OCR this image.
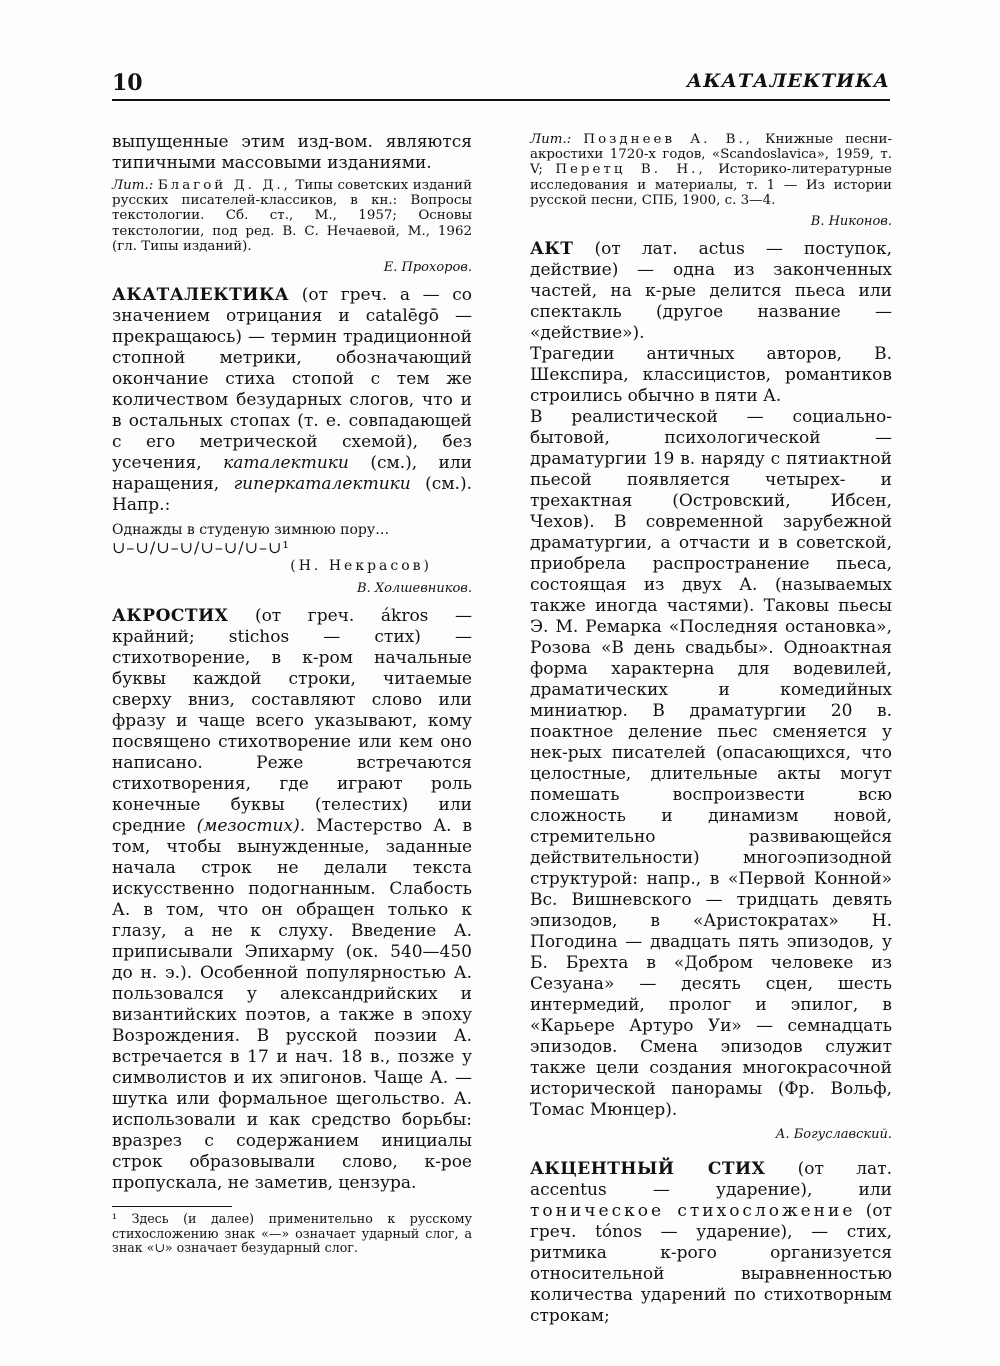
10	АКАТАЛЕКТИКА

выпущенные этим изд-вом. являются типичными массовыми изданиями.

Лит.: Благой Д. Д., Типы советских изданий русских писателей-классиков, в кн.: Вопросы текстологии. Сб. ст., М., 1957; Основы текстологии, под ред. В. С. Нечаевой, М., 1962 (гл. Типы изданий).

Е. Прохоров.

АКАТАЛЕКТИКА (от греч. a — со значением отрицания и catalēgō — прекращаюсь) — термин традиционной стопной метрики, обозначающий окончание стиха стопой с тем же количеством безударных слогов, что и в остальных стопах (т. е. совпадающей с его метрической схемой), без усечения, каталектики (см.), или наращения, гиперкаталектики (см.). Напр.:

Однажды в студеную зимнюю пору…
∪–∪/∪–∪/∪–∪/∪–∪¹
(Н. Некрасов)

В. Холшевников.

АКРОСТИХ (от греч. ákros — крайний; stichos — стих) — стихотворение, в к-ром начальные буквы каждой строки, читаемые сверху вниз, составляют слово или фразу и чаще всего указывают, кому посвящено стихотворение или кем оно написано. Реже встречаются стихотворения, где играют роль конечные буквы (телестих) или средние (мезостих). Мастерство А. в том, чтобы вынужденные, заданные начала строк не делали текста искусственно подогнанным. Слабость А. в том, что он обращен только к глазу, а не к слуху. Введение А. приписывали Эпихарму (ок. 540—450 до н. э.). Особенной популярностью А. пользовался у александрийских и византийских поэтов, а также в эпоху Возрождения. В русской поэзии А. встречается в 17 и нач. 18 в., позже у символистов и их эпигонов. Чаще А. — шутка или формальное щегольство. А. использовали и как средство борьбы: вразрез с содержанием инициалы строк образовывали слово, к-рое пропускала, не заметив, цензура.

¹ Здесь (и далее) применительно к русскому стихосложению знак «—» означает ударный слог, а знак «∪» означает безударный слог.

Лит.: Позднеев А. В., Книжные песни-акростихи 1720-х годов, «Scandoslavica», 1959, т. V; Перетц В. Н., Историко-литературные исследования и материалы, т. 1 — Из истории русской песни, СПБ, 1900, с. 3—4.

В. Никонов.

АКТ (от лат. actus — поступок, действие) — одна из законченных частей, на к-рые делится пьеса или спектакль (другое название — «действие»).

Трагедии античных авторов, В. Шекспира, классицистов, романтиков строились обычно в пяти А.

В реалистической — социально-бытовой, психологической — драматургии 19 в. наряду с пятиактной пьесой появляется четырех- и трехактная (Островский, Ибсен, Чехов). В современной зарубежной драматургии, а отчасти и в советской, приобрела распространение пьеса, состоящая из двух А. (называемых также иногда частями). Таковы пьесы Э. М. Ремарка «Последняя остановка», Розова «В день свадьбы». Одноактная форма характерна для водевилей, драматических и комедийных миниатюр. В драматургии 20 в. поактное деление пьес сменяется у нек-рых писателей (опасающихся, что целостные, длительные акты могут помешать воспроизвести всю сложность и динамизм новой, стремительно развивающейся действительности) многоэпизодной структурой: напр., в «Первой Конной» Вс. Вишневского — тридцать девять эпизодов, в «Аристократах» Н. Погодина — двадцать пять эпизодов, у Б. Брехта в «Добром человеке из Сезуана» — десять сцен, шесть интермедий, пролог и эпилог, в «Карьере Артуро Уи» — семнадцать эпизодов. Смена эпизодов служит также цели создания многокрасочной исторической панорамы (Фр. Вольф, Томас Мюнцер).

А. Богуславский.

АКЦЕНТНЫЙ СТИХ (от лат. accentus — ударение), или тоническое стихосложение (от греч. tónos — ударение), — стих, ритмика к-рого организуется относительной выравненностью количества ударений по стихотворным строкам;
